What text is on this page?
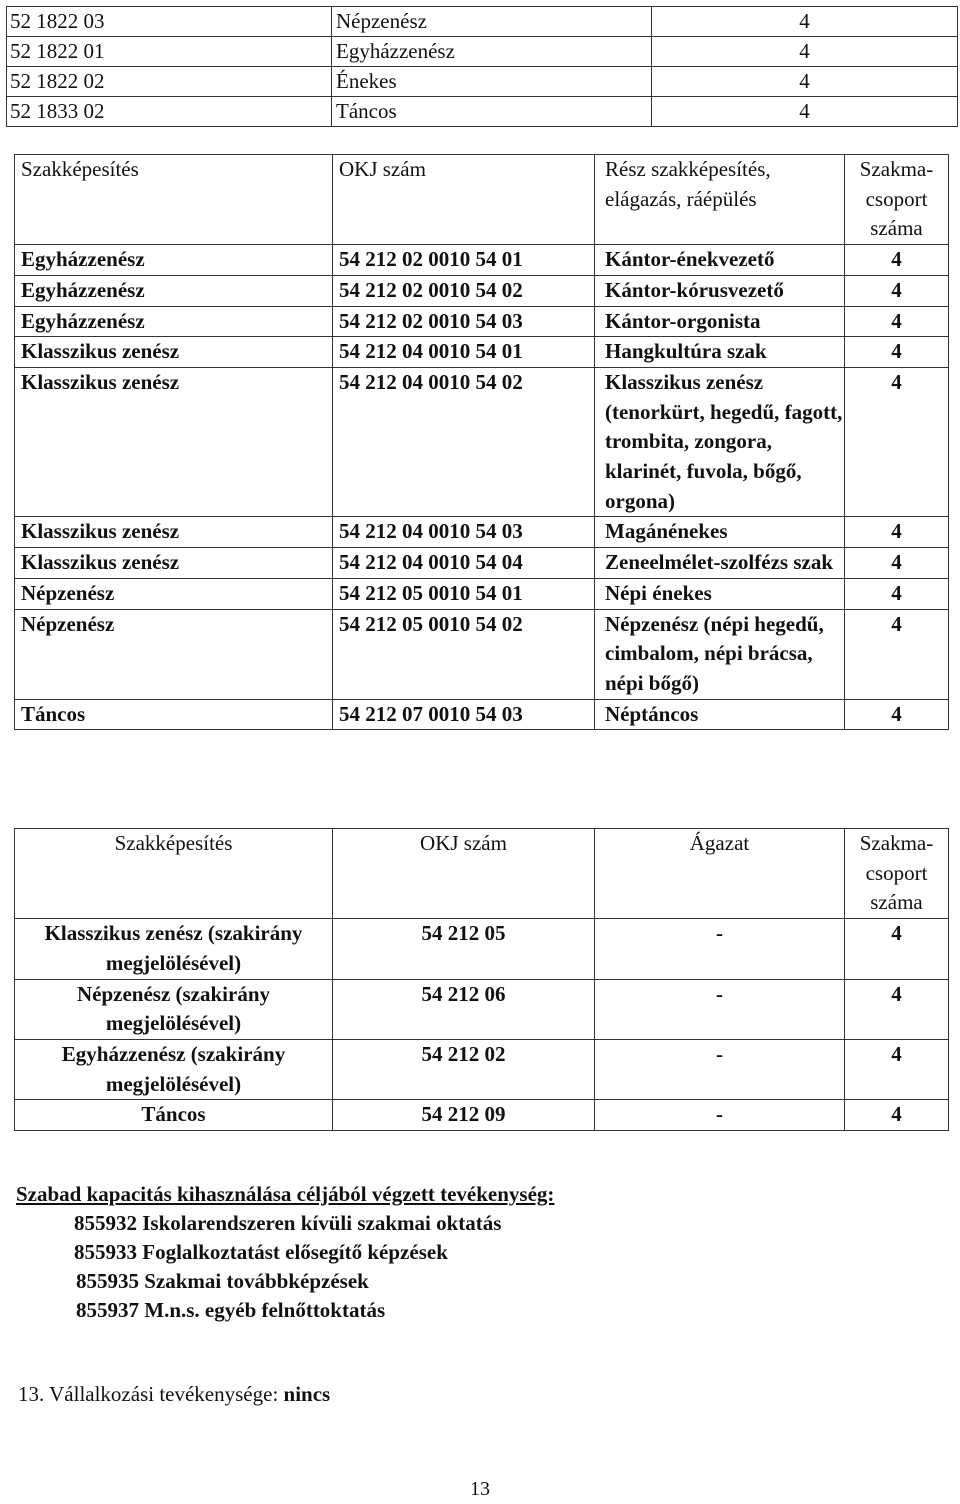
52 1822 03	Népzenész	4
52 1822 01	Egyházzenész	4
52 1822 02	Énekes	4
52 1833 02	Táncos	4
Szakképesítés	OKJ szám	Rész szakképesítés, elágazás, ráépülés	Szakma-csoport száma
Egyházzenész	54 212 02 0010 54 01	Kántor-énekvezető	4
Egyházzenész	54 212 02 0010 54 02	Kántor-kórusvezető	4
Egyházzenész	54 212 02 0010 54 03	Kántor-orgonista	4
Klasszikus zenész	54 212 04 0010 54 01	Hangkultúra szak	4
Klasszikus zenész	54 212 04 0010 54 02	Klasszikus zenész (tenorkürt, hegedű, fagott, trombita, zongora, klarinét, fuvola, bőgő, orgona)	4
Klasszikus zenész	54 212 04 0010 54 03	Magánénekes	4
Klasszikus zenész	54 212 04 0010 54 04	Zeneelmélet-szolfézs szak	4
Népzenész	54 212 05 0010 54 01	Népi énekes	4
Népzenész	54 212 05 0010 54 02	Népzenész (népi hegedű, cimbalom, népi brácsa, népi bőgő)	4
Táncos	54 212 07 0010 54 03	Néptáncos	4
Szakképesítés	OKJ szám	Ágazat	Szakma-csoport száma
Klasszikus zenész (szakirány megjelölésével)	54 212 05	-	4
Népzenész (szakirány megjelölésével)	54 212 06	-	4
Egyházzenész (szakirány megjelölésével)	54 212 02	-	4
Táncos	54 212 09	-	4
Szabad kapacitás kihasználása céljából végzett tevékenység:
855932 Iskolarendszeren kívüli szakmai oktatás
855933 Foglalkoztatást elősegítő képzések
855935 Szakmai továbbképzések
855937 M.n.s. egyéb felnőttoktatás
13. Vállalkozási tevékenysége: nincs
13
